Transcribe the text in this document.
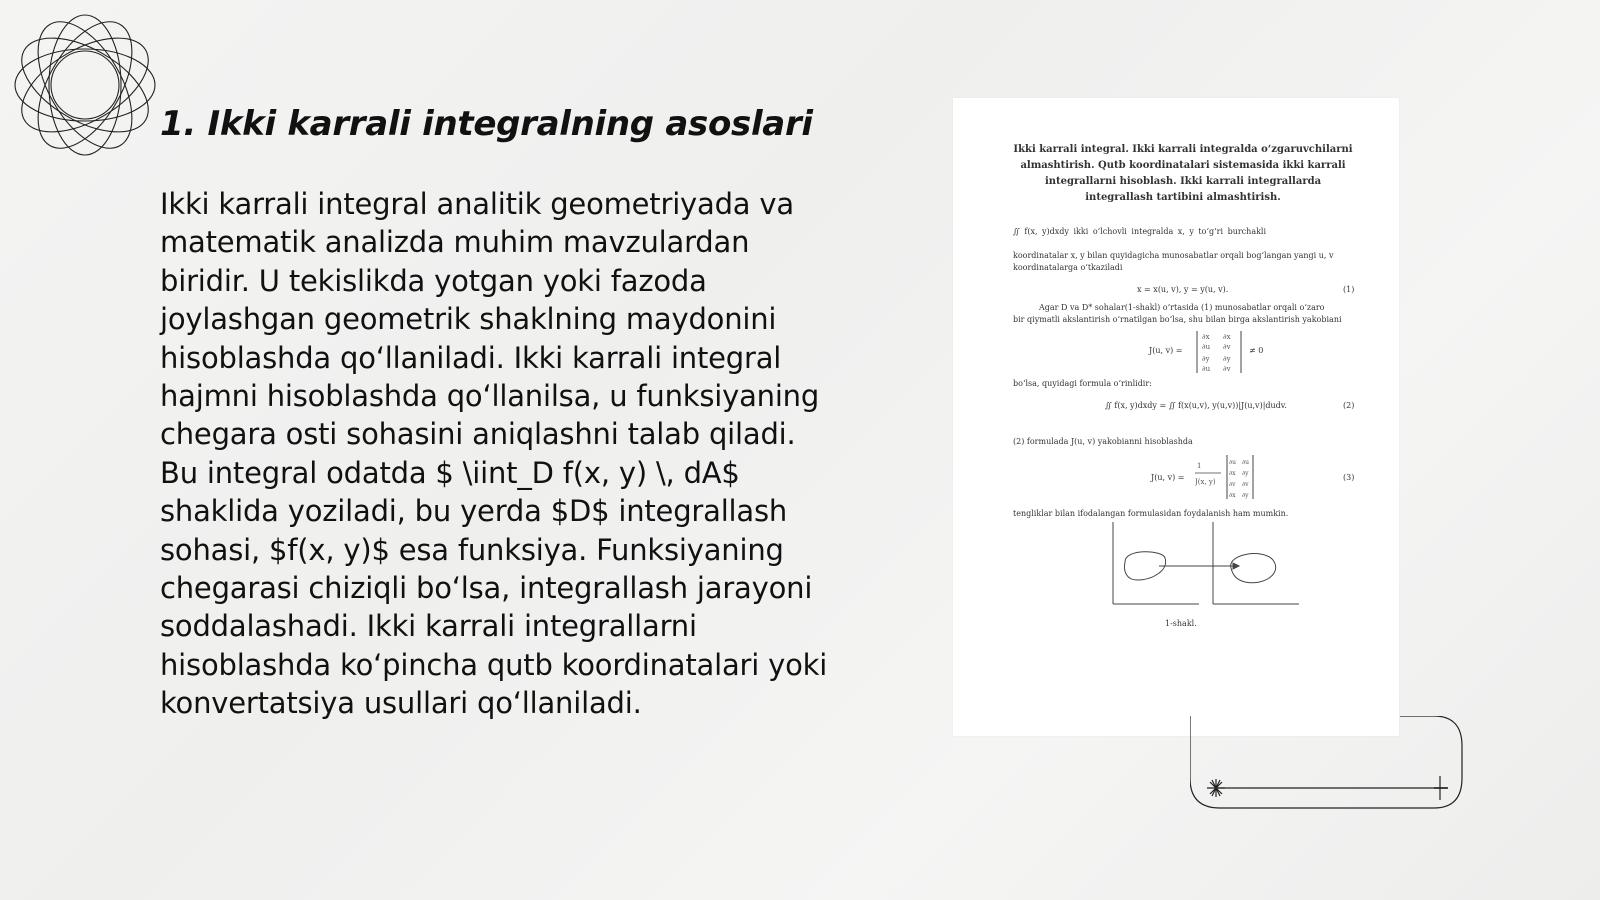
1. Ikki karrali integralning asoslari

Ikki karrali integral analitik geometriyada va matematik analizda muhim mavzulardan biridir. U tekislikda yotgan yoki fazoda joylashgan geometrik shaklning maydonini hisoblashda qo‘llaniladi. Ikki karrali integral hajmni hisoblashda qo‘llanilsa, u funksiyaning chegara osti sohasini aniqlashni talab qiladi. Bu integral odatda $ \iint_D f(x, y) \, dA$ shaklida yoziladi, bu yerda $D$ integrallash sohasi, $f(x, y)$ esa funksiya. Funksiyaning chegarasi chiziqli bo‘lsa, integrallash jarayoni soddalashadi. Ikki karrali integrallarni hisoblashda ko‘pincha qutb koordinatalari yoki konvertatsiya usullari qo‘llaniladi.

Ikki karrali integral. Ikki karrali integralda o‘zgaruvchilarni almashtirish. Qutb koordinatalari sistemasida ikki karrali integrallarni hisoblash. Ikki karrali integrallarda integrallash tartibini almashtirish.

∬ f(x, y)dxdy ikki o‘lchovli integralda x, y to‘g‘ri burchakli
koordinatalar x, y bilan quyidagicha munosabatlar orqali bog‘langan yangi u, v
koordinatalarga o‘tkaziladi
x = x(u, v), y = y(u, v).	(1)
Agar D va D* sohalar(1-shakl) o‘rtasida (1) munosabatlar orqali o‘zaro
bir qiymatli akslantirish o‘rnatilgan bo‘lsa, shu bilan birga akslantirish yakobiani
J(u, v) =
∂x ∂x
∂u ∂v
∂y ∂y
∂u ∂v
≠ 0
bo‘lsa, quyidagi formula o‘rinlidir:
∬ f(x, y)dxdy = ∬ f(x(u,v), y(u,v))|J(u,v)|dudv.	(2)
(2) formulada J(u, v) yakobianni hisoblashda
J(u, v) =
1
J(x, y)
∂u ∂u
∂x ∂y
∂v ∂v
∂x ∂y
(3)
tengliklar bilan ifodalangan formulasidan foydalanish ham mumkin.
1-shakl.
